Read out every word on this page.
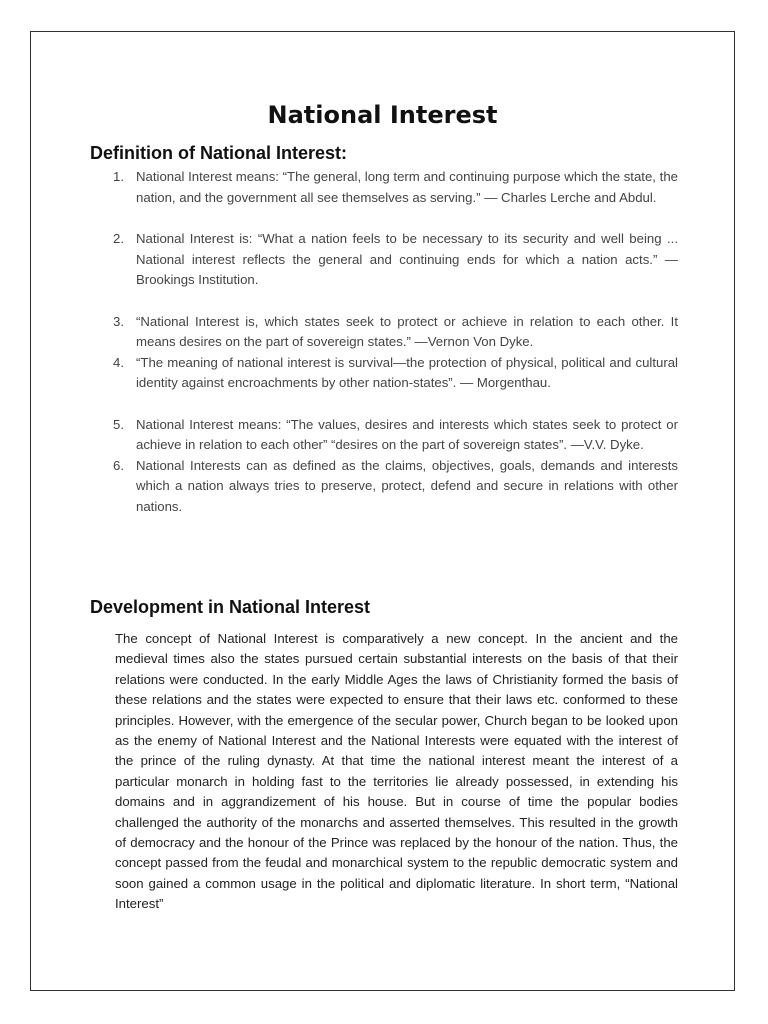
National Interest
Definition of National Interest:
1. National Interest means: “The general, long term and continuing purpose which the state, the nation, and the government all see themselves as serving.” — Charles Lerche and Abdul.
2. National Interest is: “What a nation feels to be necessary to its security and well being ... National interest reflects the general and continuing ends for which a nation acts.” —Brookings Institution.
3. “National Interest is, which states seek to protect or achieve in relation to each other. It means desires on the part of sovereign states.” —Vernon Von Dyke.
4. “The meaning of national interest is survival—the protection of physical, political and cultural identity against encroachments by other nation-states”. — Morgenthau.
5. National Interest means: “The values, desires and interests which states seek to protect or achieve in relation to each other” “desires on the part of sovereign states”. —V.V. Dyke.
6. National Interests can as defined as the claims, objectives, goals, demands and interests which a nation always tries to preserve, protect, defend and secure in relations with other nations.
Development in National Interest

The concept of National Interest is comparatively a new concept. In the ancient and the medieval times also the states pursued certain substantial interests on the basis of that their relations were conducted. In the early Middle Ages the laws of Christianity formed the basis of these relations and the states were expected to ensure that their laws etc. conformed to these principles. However, with the emergence of the secular power, Church began to be looked upon as the enemy of National Interest and the National Interests were equated with the interest of the prince of the ruling dynasty. At that time the national interest meant the interest of a particular monarch in holding fast to the territories lie already possessed, in extending his domains and in aggrandizement of his house. But in course of time the popular bodies challenged the authority of the monarchs and asserted themselves. This resulted in the growth of democracy and the honour of the Prince was replaced by the honour of the nation. Thus, the concept passed from the feudal and monarchical system to the republic democratic system and soon gained a common usage in the political and diplomatic literature. In short term, “National Interest”
